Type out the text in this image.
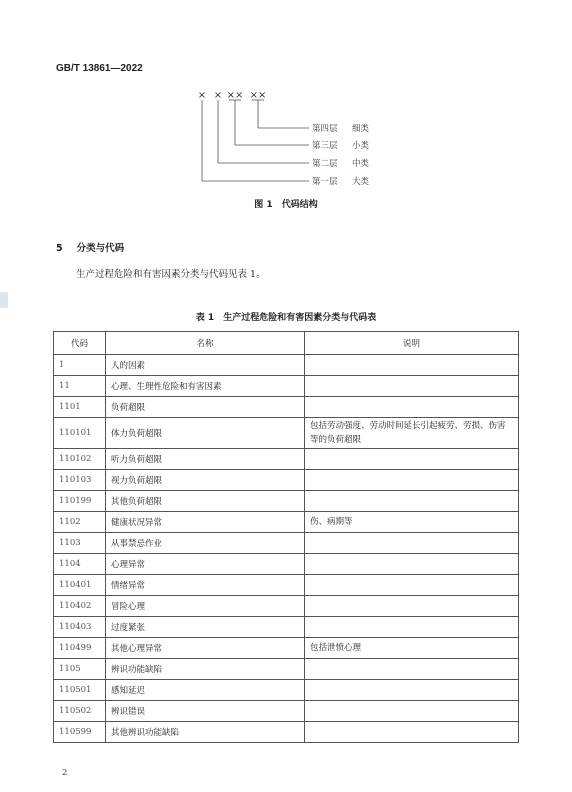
GB/T 13861—2022
× × ×× ××
第四层 细类
第三层 小类
第二层 中类
第一层 大类
图 1　代码结构
5 分类与代码
生产过程危险和有害因素分类与代码见表 1。
表 1　生产过程危险和有害因素分类与代码表
代码	名称	说明
1	人的因素	
11	心理、生理性危险和有害因素	
1101	负荷超限	
110101	体力负荷超限	包括劳动强度、劳动时间延长引起疲劳、劳损、伤害等的负荷超限
110102	听力负荷超限	
110103	视力负荷超限	
110199	其他负荷超限	
1102	健康状况异常	伤、病期等
1103	从事禁忌作业	
1104	心理异常	
110401	情绪异常	
110402	冒险心理	
110403	过度紧张	
110499	其他心理异常	包括泄愤心理
1105	辨识功能缺陷	
110501	感知延迟	
110502	辨识错误	
110599	其他辨识功能缺陷	
2
